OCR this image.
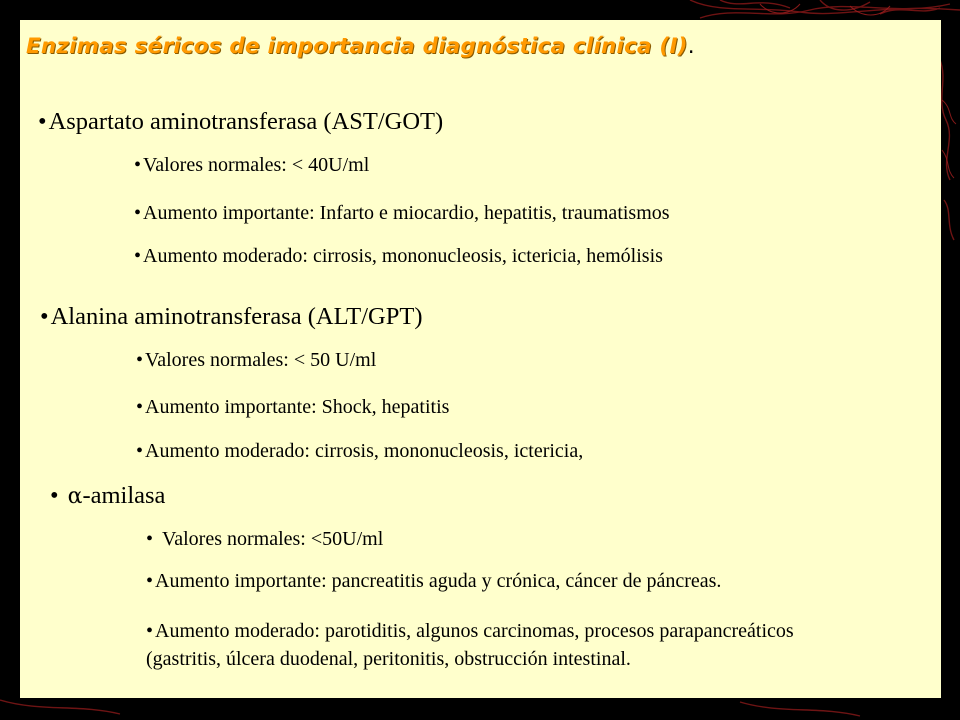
Enzimas séricos de importancia diagnóstica clínica (I).

•Aspartato aminotransferasa (AST/GOT)

• Valores normales: < 40U/ml

• Aumento importante: Infarto e miocardio, hepatitis, traumatismos

• Aumento moderado: cirrosis, mononucleosis, ictericia, hemólisis

•Alanina aminotransferasa (ALT/GPT)

• Valores normales: < 50 U/ml

• Aumento importante: Shock, hepatitis

• Aumento moderado: cirrosis, mononucleosis, ictericia,

• α-amilasa

• Valores normales: <50U/ml

• Aumento importante: pancreatitis aguda y crónica, cáncer de páncreas.

• Aumento moderado: parotiditis, algunos carcinomas, procesos parapancreáticos

(gastritis, úlcera duodenal, peritonitis, obstrucción intestinal.
